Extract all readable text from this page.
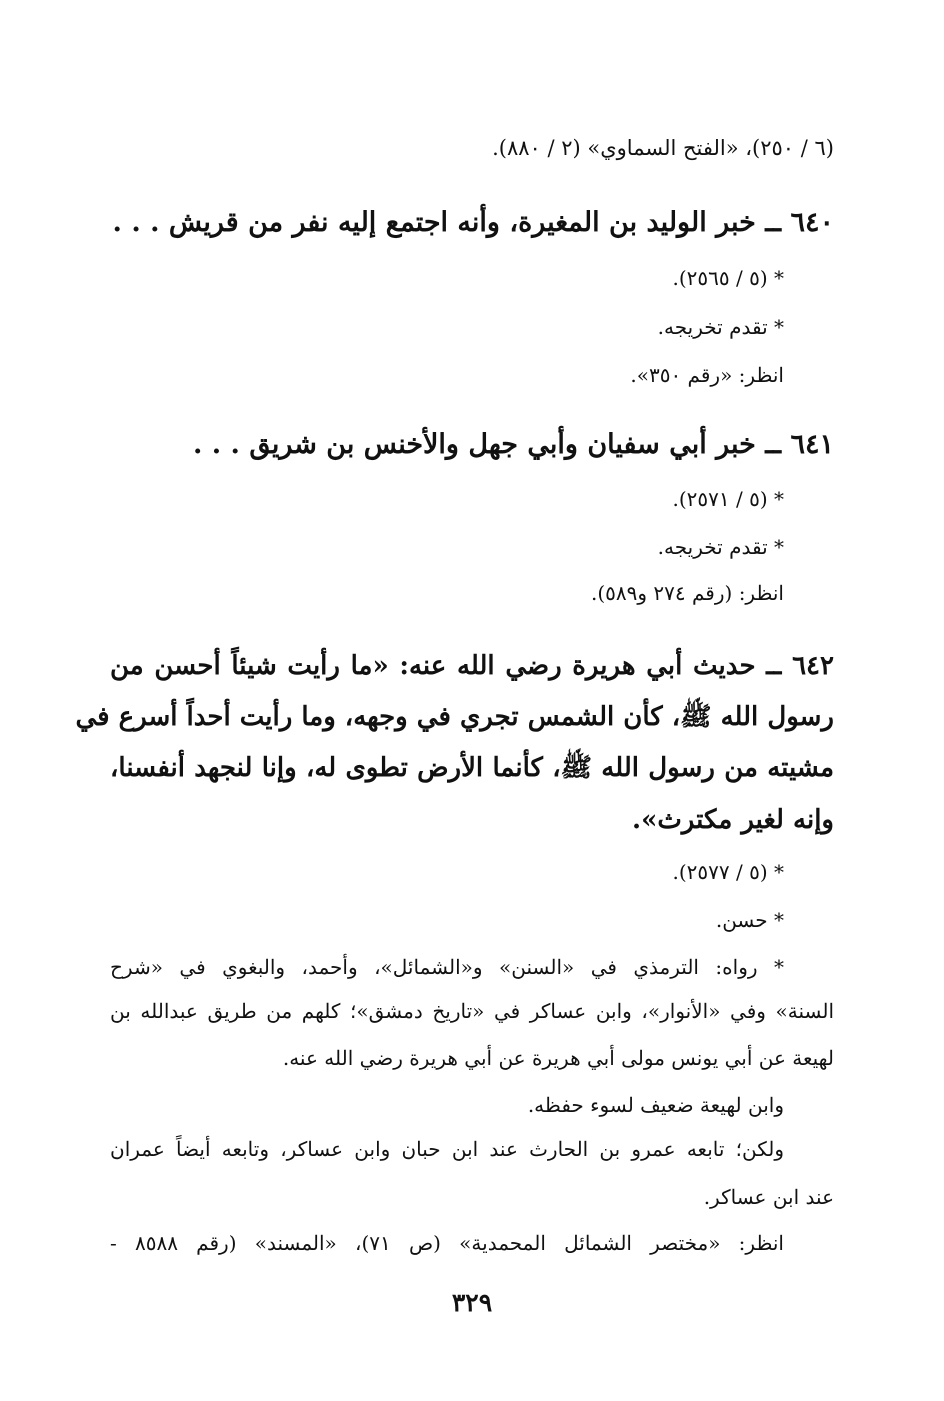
(٦ / ٢٥٠)، «الفتح السماوي» (٢ / ٨٨٠).
٦٤٠ ــ خبر الوليد بن المغيرة، وأنه اجتمع إليه نفر من قريش . . .
* (٥ / ٢٥٦٥).
* تقدم تخريجه.
انظر: «رقم ٣٥٠».
٦٤١ ــ خبر أبي سفيان وأبي جهل والأخنس بن شريق . . .
* (٥ / ٢٥٧١).
* تقدم تخريجه.
انظر: (رقم ٢٧٤ و٥٨٩).
٦٤٢ ــ حديث أبي هريرة رضي الله عنه: «ما رأيت شيئاً أحسن من
رسول الله ﷺ، كأن الشمس تجري في وجهه، وما رأيت أحداً أسرع في
مشيته من رسول الله ﷺ، كأنما الأرض تطوى له، وإنا لنجهد أنفسنا،
وإنه لغير مكترث».
* (٥ / ٢٥٧٧).
* حسن.
* رواه: الترمذي في «السنن» و«الشمائل»، وأحمد، والبغوي في «شرح
السنة» وفي «الأنوار»، وابن عساكر في «تاريخ دمشق»؛ كلهم من طريق عبدالله بن
لهيعة عن أبي يونس مولى أبي هريرة عن أبي هريرة رضي الله عنه.
وابن لهيعة ضعيف لسوء حفظه.
ولكن؛ تابعه عمرو بن الحارث عند ابن حبان وابن عساكر، وتابعه أيضاً عمران
عند ابن عساكر.
انظر: «مختصر الشمائل المحمدية» (ص ٧١)، «المسند» (رقم ٨٥٨٨ -
٣٢٩
